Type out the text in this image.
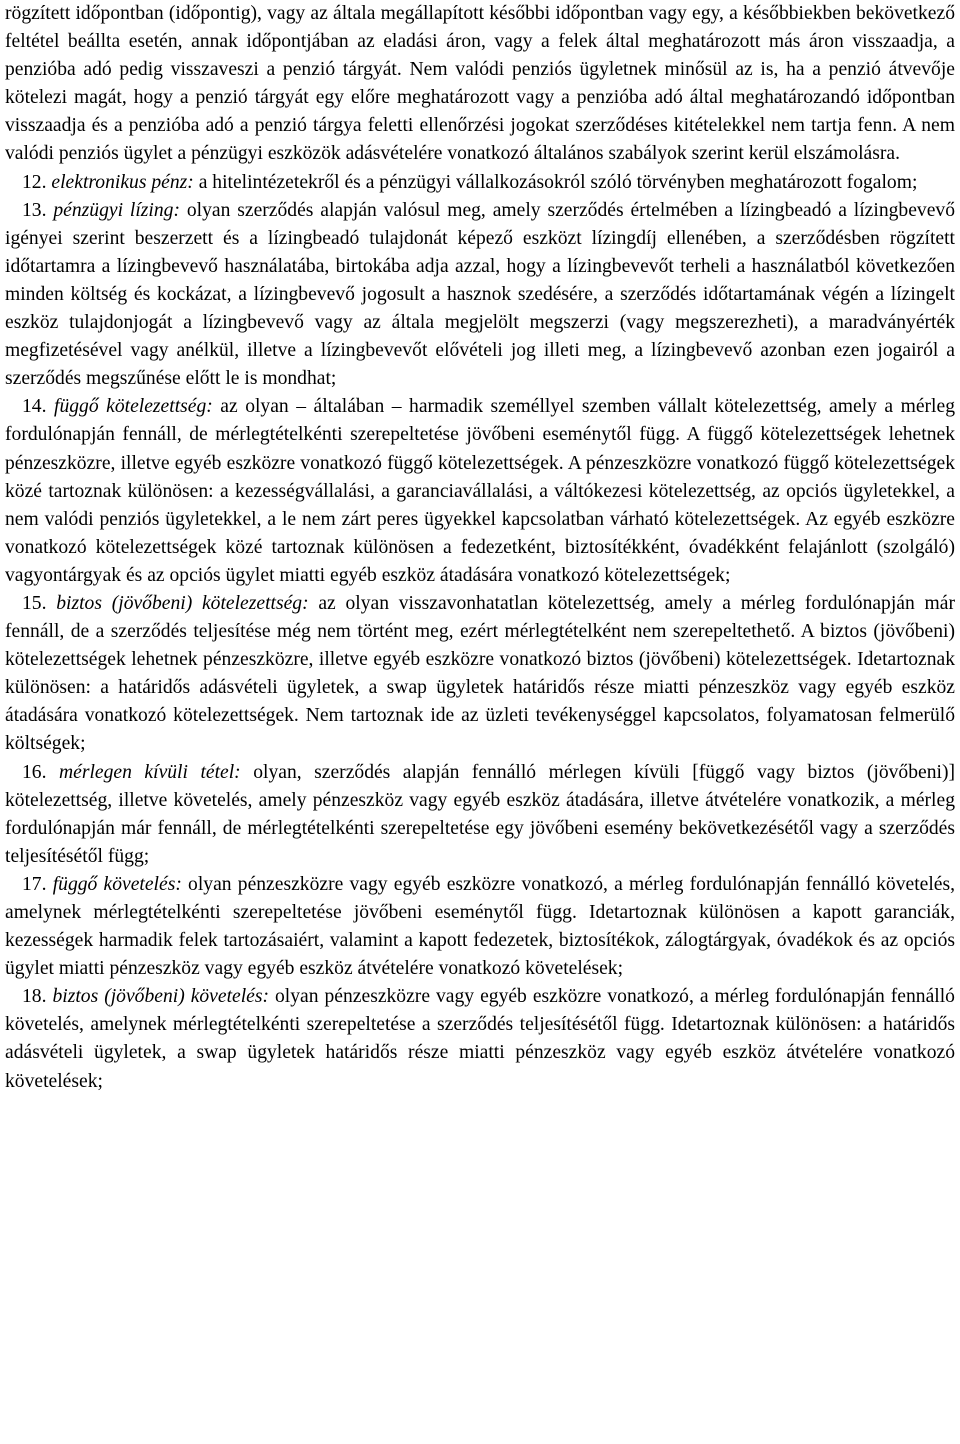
rögzített időpontban (időpontig), vagy az általa megállapított későbbi időpontban vagy egy, a későbbiekben bekövetkező feltétel beállta esetén, annak időpontjában az eladási áron, vagy a felek által meghatározott más áron visszaadja, a penzióba adó pedig visszaveszi a penzió tárgyát. Nem valódi penziós ügyletnek minősül az is, ha a penzió átvevője kötelezi magát, hogy a penzió tárgyát egy előre meghatározott vagy a penzióba adó által meghatározandó időpontban visszaadja és a penzióba adó a penzió tárgya feletti ellenőrzési jogokat szerződéses kitételekkel nem tartja fenn. A nem valódi penziós ügylet a pénzügyi eszközök adásvételére vonatkozó általános szabályok szerint kerül elszámolásra.

12. elektronikus pénz: a hitelintézetekről és a pénzügyi vállalkozásokról szóló törvényben meghatározott fogalom;

13. pénzügyi lízing: olyan szerződés alapján valósul meg, amely szerződés értelmében a lízingbeadó a lízingbevevő igényei szerint beszerzett és a lízingbeadó tulajdonát képező eszközt lízingdíj ellenében, a szerződésben rögzített időtartamra a lízingbevevő használatába, birtokába adja azzal, hogy a lízingbevevőt terheli a használatból következően minden költség és kockázat, a lízingbevevő jogosult a hasznok szedésére, a szerződés időtartamának végén a lízingelt eszköz tulajdonjogát a lízingbevevő vagy az általa megjelölt megszerzi (vagy megszerezheti), a maradványérték megfizetésével vagy anélkül, illetve a lízingbevevőt elővételi jog illeti meg, a lízingbevevő azonban ezen jogairól a szerződés megszűnése előtt le is mondhat;

14. függő kötelezettség: az olyan – általában – harmadik személlyel szemben vállalt kötelezettség, amely a mérleg fordulónapján fennáll, de mérlegtételkénti szerepeltetése jövőbeni eseménytől függ. A függő kötelezettségek lehetnek pénzeszközre, illetve egyéb eszközre vonatkozó függő kötelezettségek. A pénzeszközre vonatkozó függő kötelezettségek közé tartoznak különösen: a kezességvállalási, a garanciavállalási, a váltókezesi kötelezettség, az opciós ügyletekkel, a nem valódi penziós ügyletekkel, a le nem zárt peres ügyekkel kapcsolatban várható kötelezettségek. Az egyéb eszközre vonatkozó kötelezettségek közé tartoznak különösen a fedezetként, biztosítékként, óvadékként felajánlott (szolgáló) vagyontárgyak és az opciós ügylet miatti egyéb eszköz átadására vonatkozó kötelezettségek;

15. biztos (jövőbeni) kötelezettség: az olyan visszavonhatatlan kötelezettség, amely a mérleg fordulónapján már fennáll, de a szerződés teljesítése még nem történt meg, ezért mérlegtételként nem szerepeltethető. A biztos (jövőbeni) kötelezettségek lehetnek pénzeszközre, illetve egyéb eszközre vonatkozó biztos (jövőbeni) kötelezettségek. Idetartoznak különösen: a határidős adásvételi ügyletek, a swap ügyletek határidős része miatti pénzeszköz vagy egyéb eszköz átadására vonatkozó kötelezettségek. Nem tartoznak ide az üzleti tevékenységgel kapcsolatos, folyamatosan felmerülő költségek;

16. mérlegen kívüli tétel: olyan, szerződés alapján fennálló mérlegen kívüli [függő vagy biztos (jövőbeni)] kötelezettség, illetve követelés, amely pénzeszköz vagy egyéb eszköz átadására, illetve átvételére vonatkozik, a mérleg fordulónapján már fennáll, de mérlegtételkénti szerepeltetése egy jövőbeni esemény bekövetkezésétől vagy a szerződés teljesítésétől függ;

17. függő követelés: olyan pénzeszközre vagy egyéb eszközre vonatkozó, a mérleg fordulónapján fennálló követelés, amelynek mérlegtételkénti szerepeltetése jövőbeni eseménytől függ. Idetartoznak különösen a kapott garanciák, kezességek harmadik felek tartozásaiért, valamint a kapott fedezetek, biztosítékok, zálogtárgyak, óvadékok és az opciós ügylet miatti pénzeszköz vagy egyéb eszköz átvételére vonatkozó követelések;

18. biztos (jövőbeni) követelés: olyan pénzeszközre vagy egyéb eszközre vonatkozó, a mérleg fordulónapján fennálló követelés, amelynek mérlegtételkénti szerepeltetése a szerződés teljesítésétől függ. Idetartoznak különösen: a határidős adásvételi ügyletek, a swap ügyletek határidős része miatti pénzeszköz vagy egyéb eszköz átvételére vonatkozó követelések;
